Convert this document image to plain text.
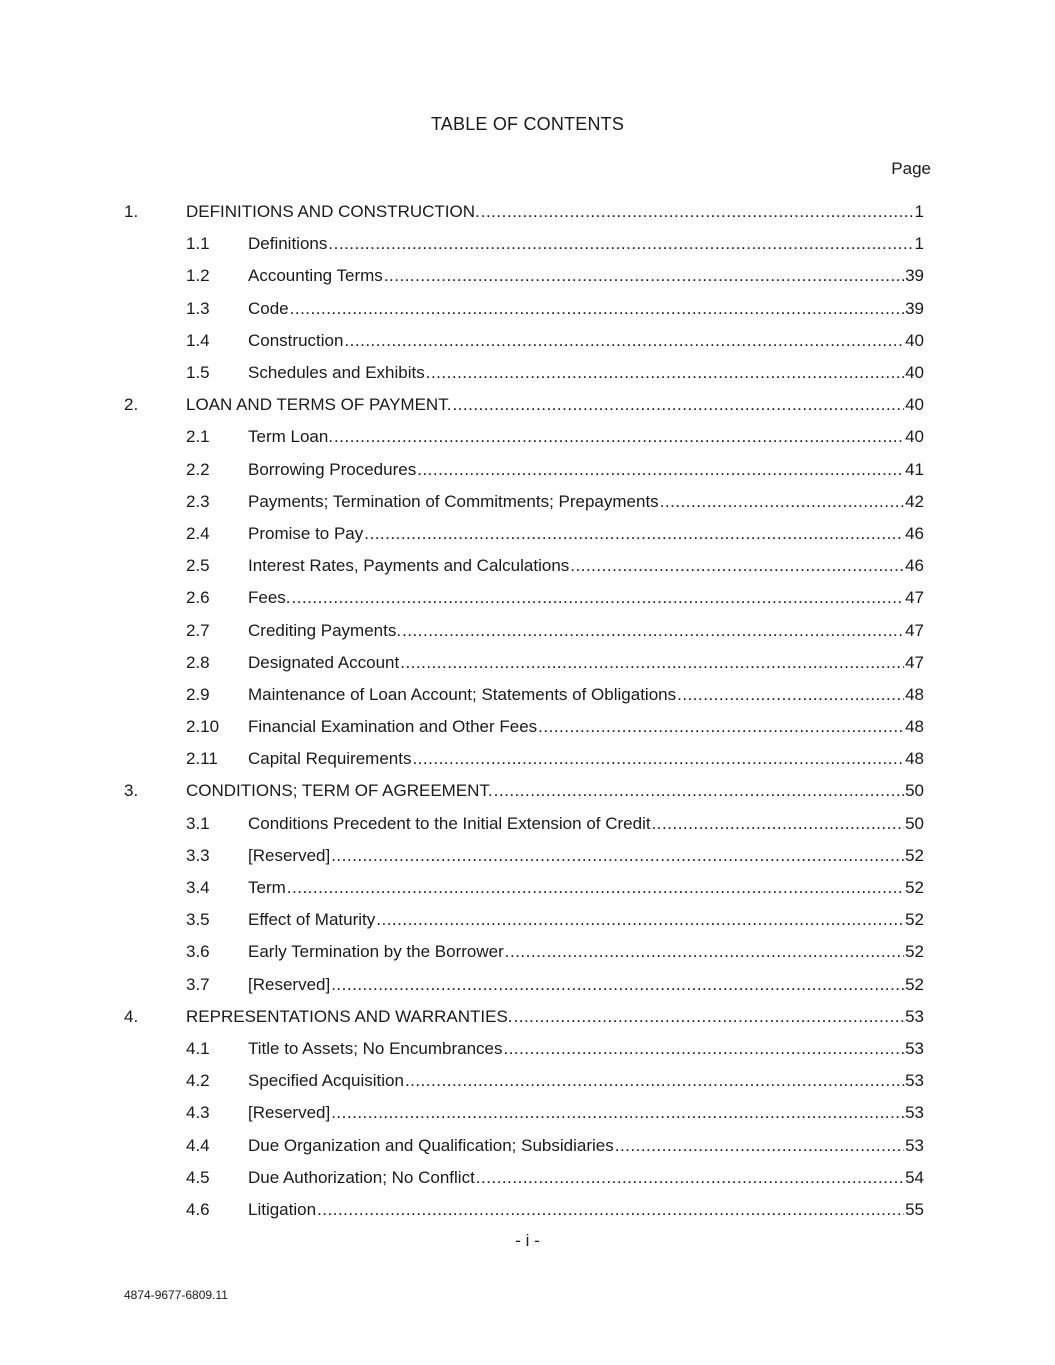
TABLE OF CONTENTS
Page
1.	DEFINITIONS AND CONSTRUCTION. .....	1
1.1	Definitions .....	1
1.2	Accounting Terms .....	39
1.3	Code .....	39
1.4	Construction .....	40
1.5	Schedules and Exhibits .....	40
2.	LOAN AND TERMS OF PAYMENT. .....	40
2.1	Term Loan. .....	40
2.2	Borrowing Procedures .....	41
2.3	Payments; Termination of Commitments; Prepayments .....	42
2.4	Promise to Pay .....	46
2.5	Interest Rates, Payments and Calculations .....	46
2.6	Fees. .....	47
2.7	Crediting Payments. .....	47
2.8	Designated Account .....	47
2.9	Maintenance of Loan Account; Statements of Obligations .....	48
2.10	Financial Examination and Other Fees .....	48
2.11	Capital Requirements .....	48
3.	CONDITIONS; TERM OF AGREEMENT. .....	50
3.1	Conditions Precedent to the Initial Extension of Credit .....	50
3.3	[Reserved] .....	52
3.4	Term .....	52
3.5	Effect of Maturity .....	52
3.6	Early Termination by the Borrower .....	52
3.7	[Reserved] .....	52
4.	REPRESENTATIONS AND WARRANTIES. .....	53
4.1	Title to Assets; No Encumbrances .....	53
4.2	Specified Acquisition .....	53
4.3	[Reserved] .....	53
4.4	Due Organization and Qualification; Subsidiaries .....	53
4.5	Due Authorization; No Conflict .....	54
4.6	Litigation .....	55
- i -
4874-9677-6809.11
